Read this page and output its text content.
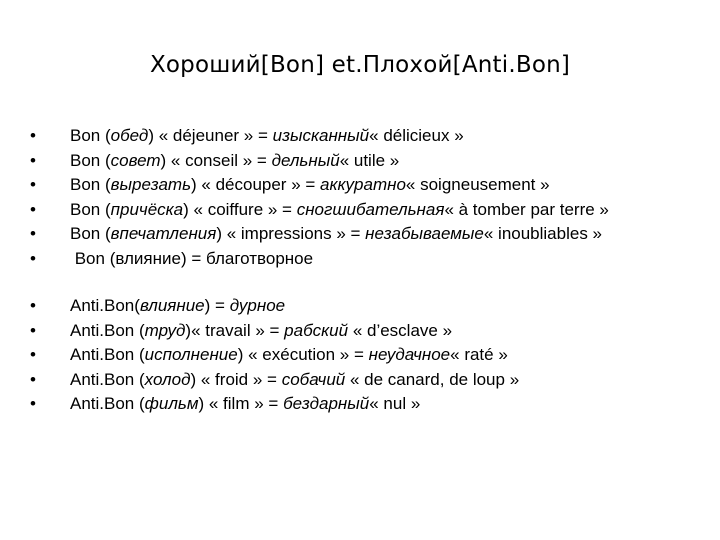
Хороший[Bon] et.Плохой[Anti.Bon]
• Bon (обед) « déjeuner » = изысканный« délicieux »
• Bon (совет) « conseil » = дельный« utile »
• Bon (вырезать) « découper » = аккуратно« soigneusement »
• Bon (причёска) « coiffure » = сногшибательная« à tomber par terre »
• Bon (впечатления) « impressions » = незабываемые« inoubliables »
• Bon (влияние) = благотворное
• Anti.Bon(влияние) = дурное
• Anti.Bon (труд)« travail » = рабский « d’esclave »
• Anti.Bon (исполнение) « exécution » = неудачное« raté »
• Anti.Bon (холод) « froid » = собачий « de canard, de loup »
• Anti.Bon (фильм) « film » = бездарный« nul »
